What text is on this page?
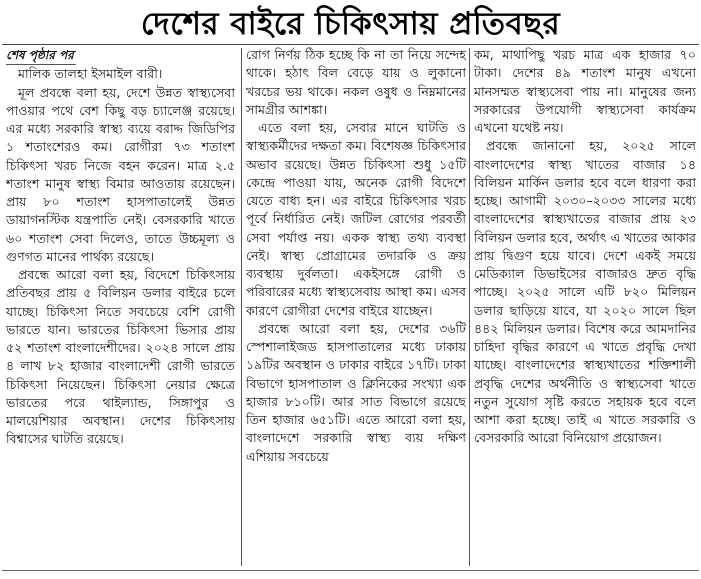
দেশের বাইরে চিকিৎসায় প্রতিবছর
শেষ পৃষ্ঠার পর

মালিক তালহা ইসমাইল বারী।

মূল প্রবন্ধে বলা হয়, দেশে উন্নত স্বাস্থ্যসেবা পাওয়ার পথে বেশ কিছু বড় চ্যালেঞ্জ রয়েছে। এর মধ্যে সরকারি স্বাস্থ্য ব্যয়ে বরাদ্দ জিডিপির ১ শতাংশেরও কম। রোগীরা ৭৩ শতাংশ চিকিৎসা খরচ নিজে বহন করেন। মাত্র ২.৫ শতাংশ মানুষ স্বাস্থ্য বিমার আওতায় রয়েছেন। প্রায় ৮০ শতাংশ হাসপাতালেই উন্নত ডায়াগনস্টিক যন্ত্রপাতি নেই। বেসরকারি খাতে ৬০ শতাংশ সেবা দিলেও, তাতে উচ্চমূল্য ও গুণগত মানের পার্থক্য রয়েছে।

প্রবন্ধে আরো বলা হয়, বিদেশে চিকিৎসায় প্রতিবছর প্রায় ৫ বিলিয়ন ডলার বাইরে চলে যাচ্ছে। চিকিৎসা নিতে সবচেয়ে বেশি রোগী ভারতে যান। ভারতের চিকিৎসা ভিসার প্রায় ৫২ শতাংশ বাংলাদেশীদের। ২০২৪ সালে প্রায় ৪ লাখ ৮২ হাজার বাংলাদেশী রোগী ভারতে চিকিৎসা নিয়েছেন। চিকিৎসা নেয়ার ক্ষেত্রে ভারতের পরে থাইল্যান্ড, সিঙ্গাপুর ও মালয়েশিয়ার অবস্থান। দেশের চিকিৎসায় বিশ্বাসের ঘাটতি রয়েছে।

রোগ নির্ণয় ঠিক হচ্ছে কি না তা নিয়ে সন্দেহ থাকে। হঠাৎ বিল বেড়ে যায় ও লুকানো খরচের ভয় থাকে। নকল ওষুধ ও নিম্নমানের সামগ্রীর আশঙ্কা।

এতে বলা হয়, সেবার মানে ঘাটতি ও স্বাস্থ্যকর্মীদের দক্ষতা কম। বিশেষজ্ঞ চিকিৎসার অভাব রয়েছে। উন্নত চিকিৎসা শুধু ১৫টি কেন্দ্রে পাওয়া যায়, অনেক রোগী বিদেশে যেতে বাধ্য হন। এর বাইরে চিকিৎসার খরচ পূর্বে নির্ধারিত নেই। জটিল রোগের পরবর্তী সেবা পর্যাপ্ত নয়। একক স্বাস্থ্য তথ্য ব্যবস্থা নেই। স্বাস্থ্য প্রোগ্রামের তদারকি ও ক্রয় ব্যবস্থায় দুর্বলতা। একইসঙ্গে রোগী ও পরিবারের মধ্যে স্বাস্থ্যসেবায় আস্থা কম। এসব কারণে রোগীরা দেশের বাইরে যাচ্ছেন।

প্রবন্ধে আরো বলা হয়, দেশের ৩৬টি স্পেশালাইজড হাসপাতালের মধ্যে ঢাকায় ১৯টির অবস্থান ও ঢাকার বাইরে ১৭টি। ঢাকা বিভাগে হাসপাতাল ও ক্লিনিকের সংখ্যা এক হাজার ৮১০টি। আর সাত বিভাগে রয়েছে তিন হাজার ৬৫১টি। এতে আরো বলা হয়, বাংলাদেশে সরকারি স্বাস্থ্য ব্যয় দক্ষিণ এশিয়ায় সবচেয়ে

কম, মাথাপিছু খরচ মাত্র এক হাজার ৭০ টাকা। দেশের ৪৯ শতাংশ মানুষ এখনো মানসম্মত স্বাস্থ্যসেবা পায় না। মানুষের জন্য সরকারের উপযোগী স্বাস্থ্যসেবা কার্যক্রম এখনো যথেষ্ট নয়।

প্রবন্ধে জানানো হয়, ২০২৫ সালে বাংলাদেশের স্বাস্থ্য খাতের বাজার ১৪ বিলিয়ন মার্কিন ডলার হবে বলে ধারণা করা হচ্ছে। আগামী ২০৩০–২০৩৩ সালের মধ্যে বাংলাদেশের স্বাস্থ্যখাতের বাজার প্রায় ২৩ বিলিয়ন ডলার হবে, অর্থাৎ এ খাতের আকার প্রায় দ্বিগুণ হয়ে যাবে। দেশে একই সময়ে মেডিক্যাল ডিভাইসের বাজারও দ্রুত বৃদ্ধি পাচ্ছে। ২০২৫ সালে এটি ৮২০ মিলিয়ন ডলার ছাড়িয়ে যাবে, যা ২০২০ সালে ছিল ৪৪২ মিলিয়ন ডলার। বিশেষ করে আমদানির চাহিদা বৃদ্ধির কারণে এ খাতে প্রবৃদ্ধি দেখা যাচ্ছে। বাংলাদেশের স্বাস্থ্যখাতের শক্তিশালী প্রবৃদ্ধি দেশের অর্থনীতি ও স্বাস্থ্যসেবা খাতে নতুন সুযোগ সৃষ্টি করতে সহায়ক হবে বলে আশা করা হচ্ছে। তাই এ খাতে সরকারি ও বেসরকারি আরো বিনিয়োগ প্রয়োজন।
